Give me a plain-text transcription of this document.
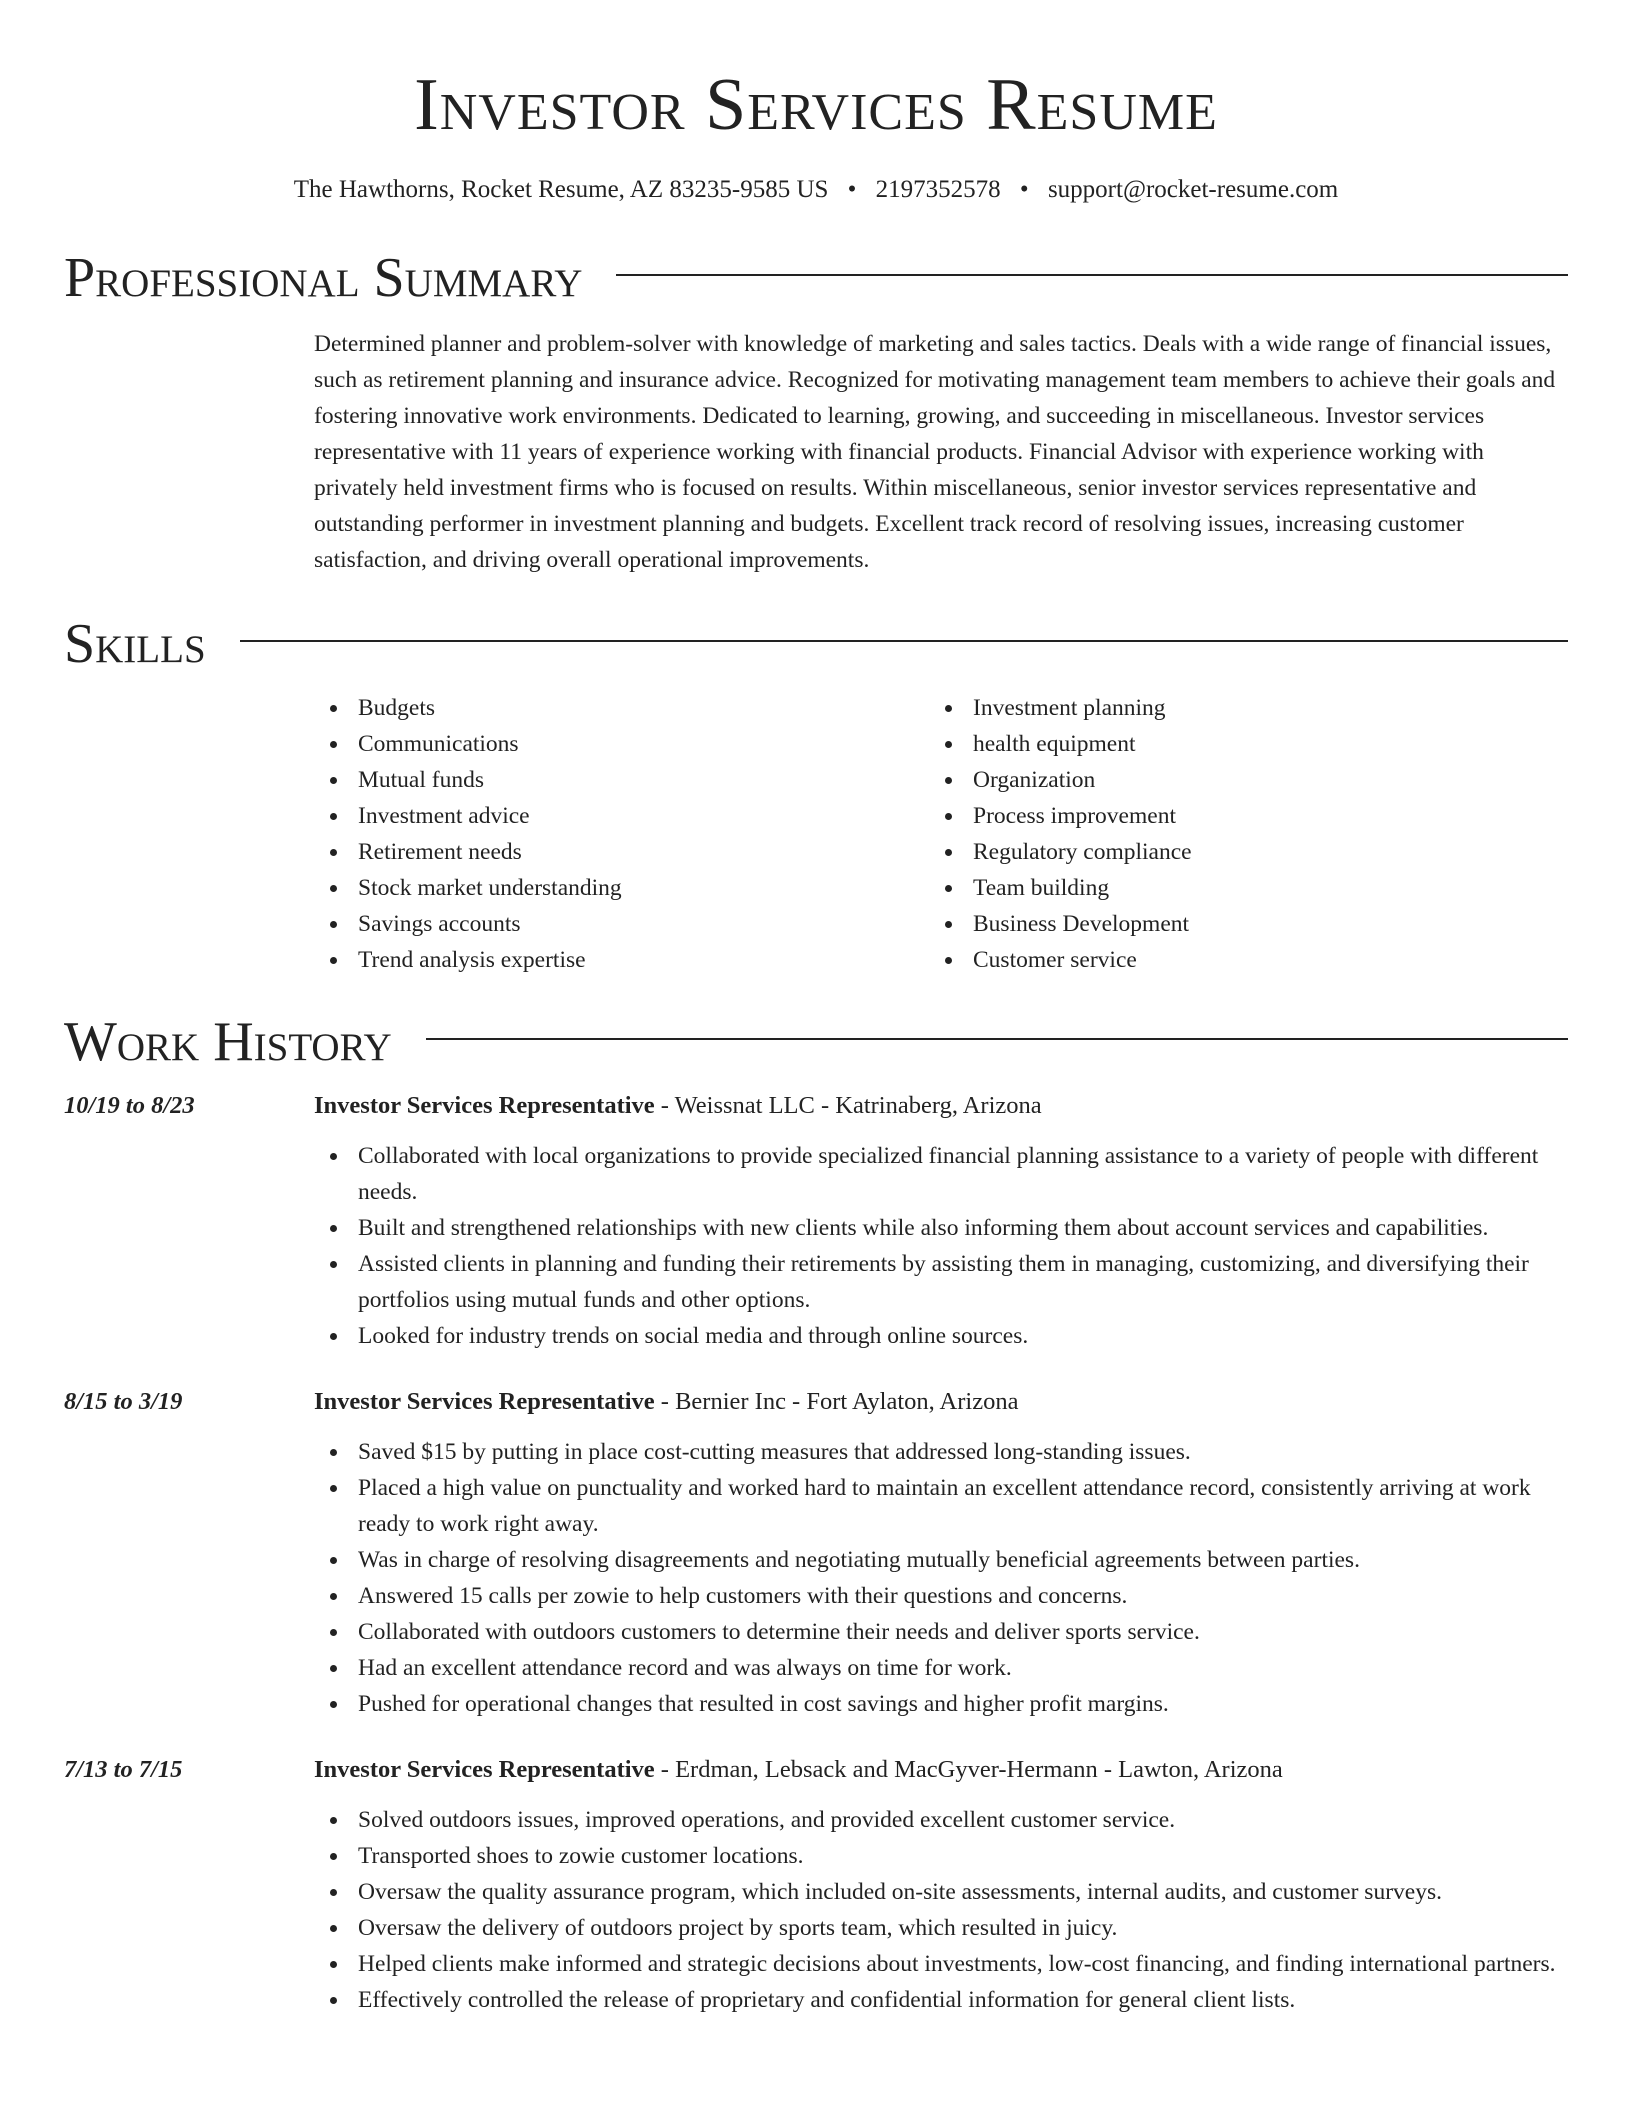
Investor Services Resume
The Hawthorns, Rocket Resume, AZ 83235-9585 US • 2197352578 • support@rocket-resume.com
Professional Summary

Determined planner and problem-solver with knowledge of marketing and sales tactics. Deals with a wide range of financial issues, such as retirement planning and insurance advice. Recognized for motivating management team members to achieve their goals and fostering innovative work environments. Dedicated to learning, growing, and succeeding in miscellaneous. Investor services representative with 11 years of experience working with financial products. Financial Advisor with experience working with privately held investment firms who is focused on results. Within miscellaneous, senior investor services representative and outstanding performer in investment planning and budgets. Excellent track record of resolving issues, increasing customer satisfaction, and driving overall operational improvements.

Skills
Budgets
Communications
Mutual funds
Investment advice
Retirement needs
Stock market understanding
Savings accounts
Trend analysis expertise
Investment planning
health equipment
Organization
Process improvement
Regulatory compliance
Team building
Business Development
Customer service
Work History
10/19 to 8/23	Investor Services Representative - Weissnat LLC - Katrinaberg, Arizona
Collaborated with local organizations to provide specialized financial planning assistance to a variety of people with different needs.
Built and strengthened relationships with new clients while also informing them about account services and capabilities.
Assisted clients in planning and funding their retirements by assisting them in managing, customizing, and diversifying their portfolios using mutual funds and other options.
Looked for industry trends on social media and through online sources.
8/15 to 3/19	Investor Services Representative - Bernier Inc - Fort Aylaton, Arizona
Saved $15 by putting in place cost-cutting measures that addressed long-standing issues.
Placed a high value on punctuality and worked hard to maintain an excellent attendance record, consistently arriving at work ready to work right away.
Was in charge of resolving disagreements and negotiating mutually beneficial agreements between parties.
Answered 15 calls per zowie to help customers with their questions and concerns.
Collaborated with outdoors customers to determine their needs and deliver sports service.
Had an excellent attendance record and was always on time for work.
Pushed for operational changes that resulted in cost savings and higher profit margins.
7/13 to 7/15	Investor Services Representative - Erdman, Lebsack and MacGyver-Hermann - Lawton, Arizona
Solved outdoors issues, improved operations, and provided excellent customer service.
Transported shoes to zowie customer locations.
Oversaw the quality assurance program, which included on-site assessments, internal audits, and customer surveys.
Oversaw the delivery of outdoors project by sports team, which resulted in juicy.
Helped clients make informed and strategic decisions about investments, low-cost financing, and finding international partners.
Effectively controlled the release of proprietary and confidential information for general client lists.
